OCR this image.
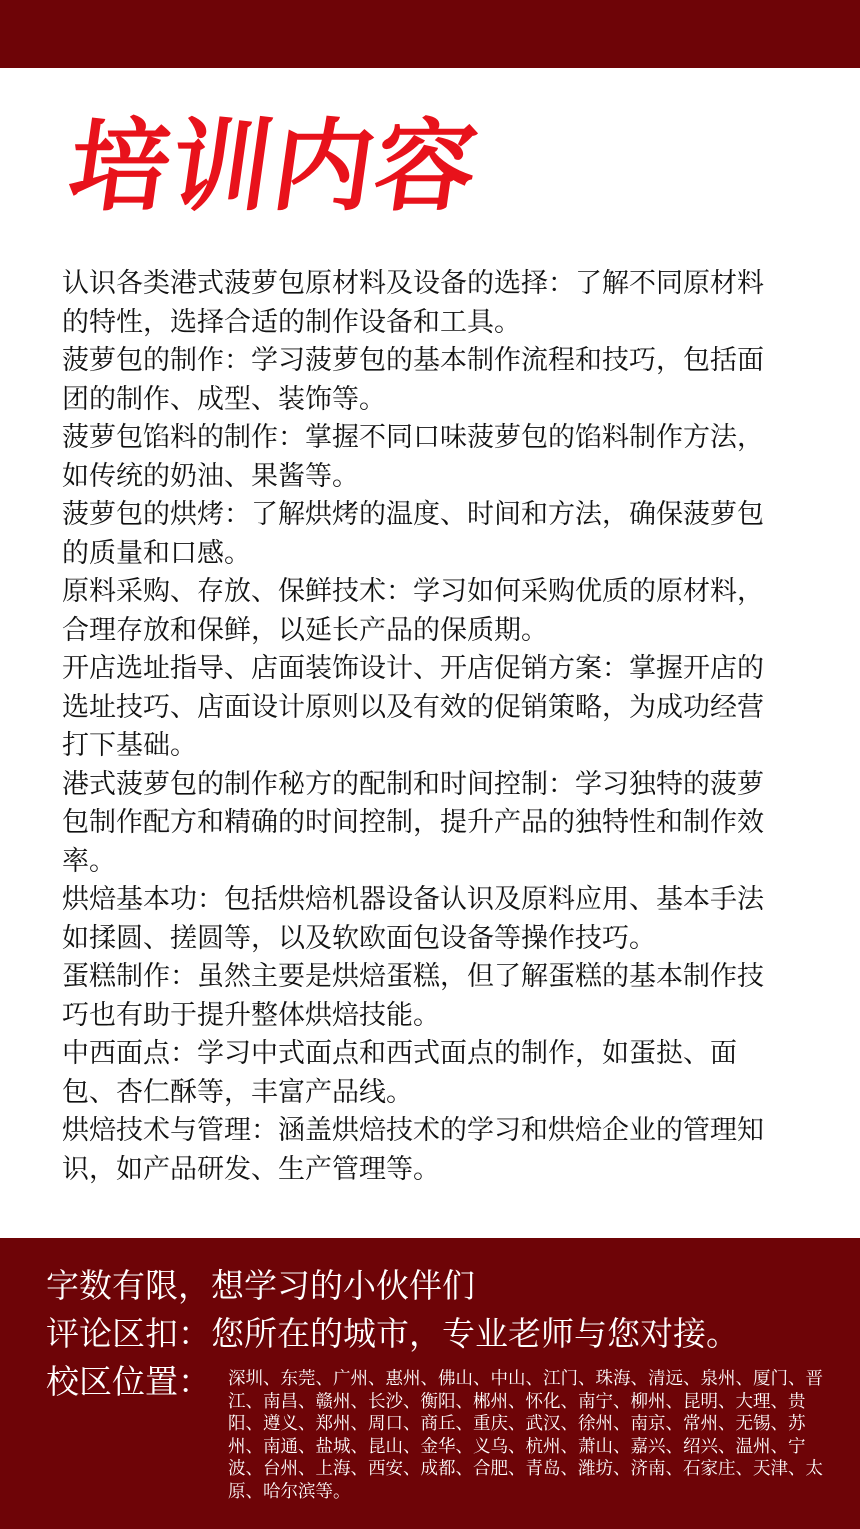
培训内容

认识各类港式菠萝包原材料及设备的选择：了解不同原材料的特性，选择合适的制作设备和工具。

菠萝包的制作：学习菠萝包的基本制作流程和技巧，包括面团的制作、成型、装饰等。

菠萝包馅料的制作：掌握不同口味菠萝包的馅料制作方法，如传统的奶油、果酱等。

菠萝包的烘烤：了解烘烤的温度、时间和方法，确保菠萝包的质量和口感。

原料采购、存放、保鲜技术：学习如何采购优质的原材料，合理存放和保鲜，以延长产品的保质期。

开店选址指导、店面装饰设计、开店促销方案：掌握开店的选址技巧、店面设计原则以及有效的促销策略，为成功经营打下基础。

港式菠萝包的制作秘方的配制和时间控制：学习独特的菠萝包制作配方和精确的时间控制，提升产品的独特性和制作效率。

烘焙基本功：包括烘焙机器设备认识及原料应用、基本手法如揉圆、搓圆等，以及软欧面包设备等操作技巧。

蛋糕制作：虽然主要是烘焙蛋糕，但了解蛋糕的基本制作技巧也有助于提升整体烘焙技能。

中西面点：学习中式面点和西式面点的制作，如蛋挞、面包、杏仁酥等，丰富产品线。

烘焙技术与管理：涵盖烘焙技术的学习和烘焙企业的管理知识，如产品研发、生产管理等。

字数有限，想学习的小伙伴们
评论区扣：您所在的城市，专业老师与您对接。
校区位置： 深圳、东莞、广州、惠州、佛山、中山、江门、珠海、清远、泉州、厦门、晋江、南昌、赣州、长沙、衡阳、郴州、怀化、南宁、柳州、昆明、大理、贵阳、遵义、郑州、周口、商丘、重庆、武汉、徐州、南京、常州、无锡、苏州、南通、盐城、昆山、金华、义乌、杭州、萧山、嘉兴、绍兴、温州、宁波、台州、上海、西安、成都、合肥、青岛、潍坊、济南、石家庄、天津、太原、哈尔滨等。
